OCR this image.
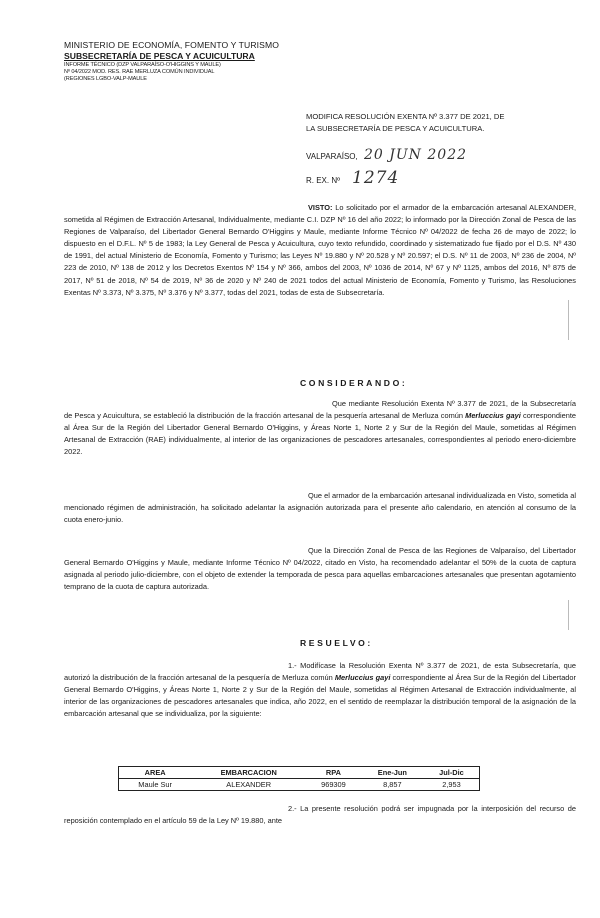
MINISTERIO DE ECONOMÍA, FOMENTO Y TURISMO
SUBSECRETARÍA DE PESCA Y ACUICULTURA
INFORME TÉCNICO (DZP VALPARAÍSO-O'HIGGINS Y MAULE)
Nº 04/2022 MOD. RES. RAE MERLUZA COMÚN INDIVIDUAL
(REGIONES LGBO-VALP-MAULE
MODIFICA RESOLUCIÓN EXENTA Nº 3.377 DE 2021, DE
LA SUBSECRETARÍA DE PESCA Y ACUICULTURA.
VALPARAÍSO, 20 JUN 2022
R. EX. Nº 1274
VISTO: Lo solicitado por el armador de la embarcación artesanal ALEXANDER, sometida al Régimen de Extracción Artesanal, Individualmente, mediante C.I. DZP Nº 16 del año 2022; lo informado por la Dirección Zonal de Pesca de las Regiones de Valparaíso, del Libertador General Bernardo O'Higgins y Maule, mediante Informe Técnico Nº 04/2022 de fecha 26 de mayo de 2022; lo dispuesto en el D.F.L. Nº 5 de 1983; la Ley General de Pesca y Acuicultura, cuyo texto refundido, coordinado y sistematizado fue fijado por el D.S. Nº 430 de 1991, del actual Ministerio de Economía, Fomento y Turismo; las Leyes Nº 19.880 y Nº 20.528 y Nº 20.597; el D.S. Nº 11 de 2003, Nº 236 de 2004, Nº 223 de 2010, Nº 138 de 2012 y los Decretos Exentos Nº 154 y Nº 366, ambos del 2003, Nº 1036 de 2014, Nº 67 y Nº 1125, ambos del 2016, Nº 875 de 2017, Nº 51 de 2018, Nº 54 de 2019, Nº 36 de 2020 y Nº 240 de 2021 todos del actual Ministerio de Economía, Fomento y Turismo, las Resoluciones Exentas Nº 3.373, Nº 3.375, Nº 3.376 y Nº 3.377, todas del 2021, todas de esta de Subsecretaría.
CONSIDERANDO:
Que mediante Resolución Exenta Nº 3.377 de 2021, de la Subsecretaría de Pesca y Acuicultura, se estableció la distribución de la fracción artesanal de la pesquería artesanal de Merluza común Merluccius gayi correspondiente al Área Sur de la Región del Libertador General Bernardo O'Higgins, y Áreas Norte 1, Norte 2 y Sur de la Región del Maule, sometidas al Régimen Artesanal de Extracción (RAE) individualmente, al interior de las organizaciones de pescadores artesanales, correspondientes al periodo enero-diciembre 2022.
Que el armador de la embarcación artesanal individualizada en Visto, sometida al mencionado régimen de administración, ha solicitado adelantar la asignación autorizada para el presente año calendario, en atención al consumo de la cuota enero-junio.
Que la Dirección Zonal de Pesca de las Regiones de Valparaíso, del Libertador General Bernardo O'Higgins y Maule, mediante Informe Técnico Nº 04/2022, citado en Visto, ha recomendado adelantar el 50% de la cuota de captura asignada al periodo julio-diciembre, con el objeto de extender la temporada de pesca para aquellas embarcaciones artesanales que presentan agotamiento temprano de la cuota de captura autorizada.
RESUELVO:
1.- Modifícase la Resolución Exenta Nº 3.377 de 2021, de esta Subsecretaría, que autorizó la distribución de la fracción artesanal de la pesquería de Merluza común Merluccius gayi correspondiente al Área Sur de la Región del Libertador General Bernardo O'Higgins, y Áreas Norte 1, Norte 2 y Sur de la Región del Maule, sometidas al Régimen Artesanal de Extracción individualmente, al interior de las organizaciones de pescadores artesanales que indica, año 2022, en el sentido de reemplazar la distribución temporal de la asignación de la embarcación artesanal que se individualiza, por la siguiente:
AREA	EMBARCACION	RPA	Ene-Jun	Jul-Dic
Maule Sur	ALEXANDER	969309	8,857	2,953
2.- La presente resolución podrá ser impugnada por la interposición del recurso de reposición contemplado en el artículo 59 de la Ley Nº 19.880, ante
